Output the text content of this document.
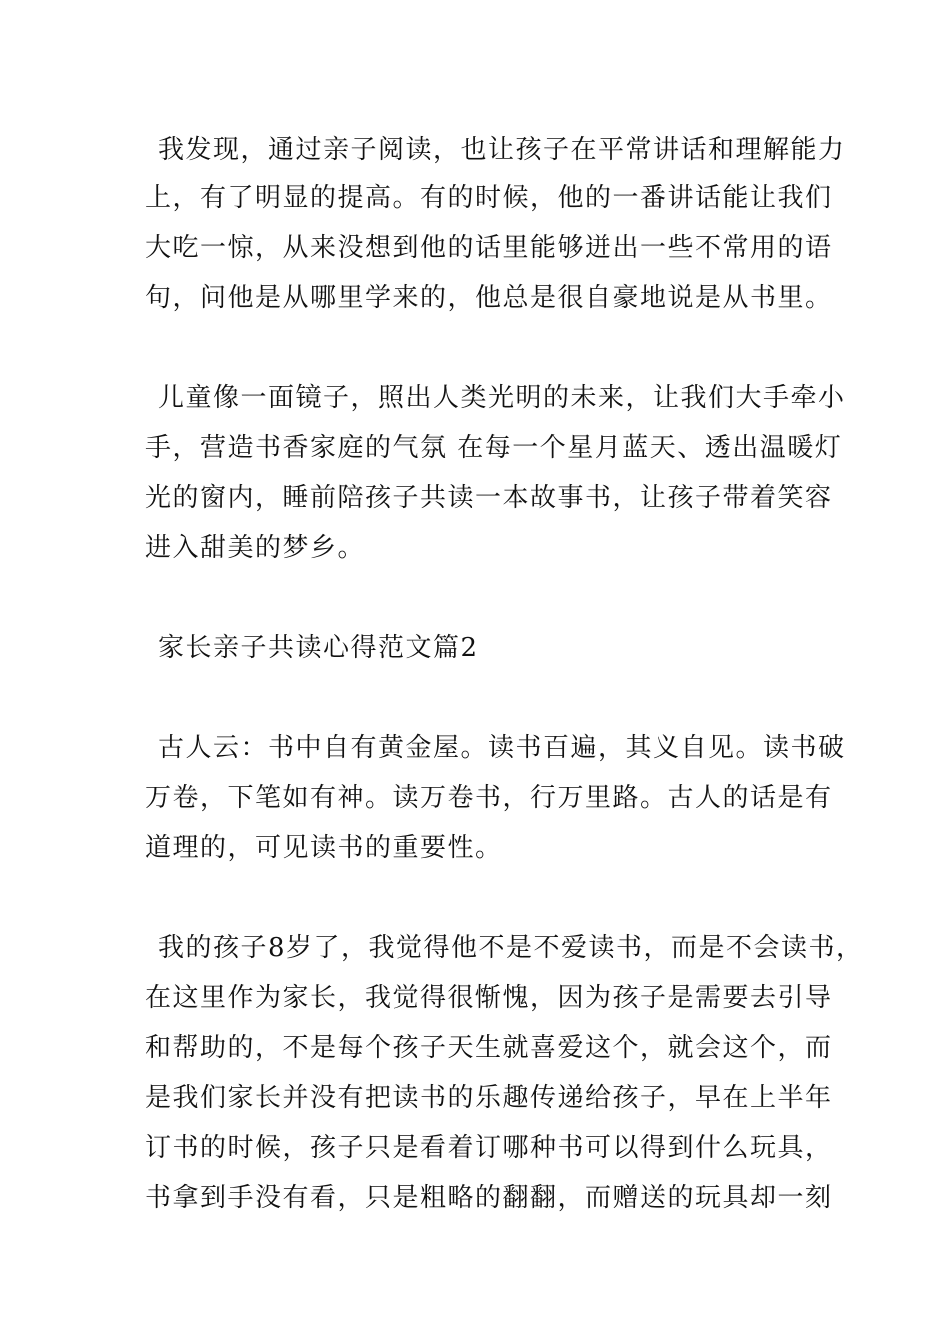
我发现，通过亲子阅读，也让孩子在平常讲话和理解能力
上，有了明显的提高。有的时候，他的一番讲话能让我们
大吃一惊，从来没想到他的话里能够迸出一些不常用的语
句，问他是从哪里学来的，他总是很自豪地说是从书里。
儿童像一面镜子，照出人类光明的未来，让我们大手牵小
手，营造书香家庭的气氛 在每一个星月蓝天、透出温暖灯
光的窗内，睡前陪孩子共读一本故事书，让孩子带着笑容
进入甜美的梦乡。
家长亲子共读心得范文篇2
古人云：书中自有黄金屋。读书百遍，其义自见。读书破
万卷，下笔如有神。读万卷书，行万里路。古人的话是有
道理的，可见读书的重要性。
我的孩子8岁了，我觉得他不是不爱读书，而是不会读书，
在这里作为家长，我觉得很惭愧，因为孩子是需要去引导
和帮助的，不是每个孩子天生就喜爱这个，就会这个，而
是我们家长并没有把读书的乐趣传递给孩子，早在上半年
订书的时候，孩子只是看着订哪种书可以得到什么玩具，
书拿到手没有看，只是粗略的翻翻，而赠送的玩具却一刻
